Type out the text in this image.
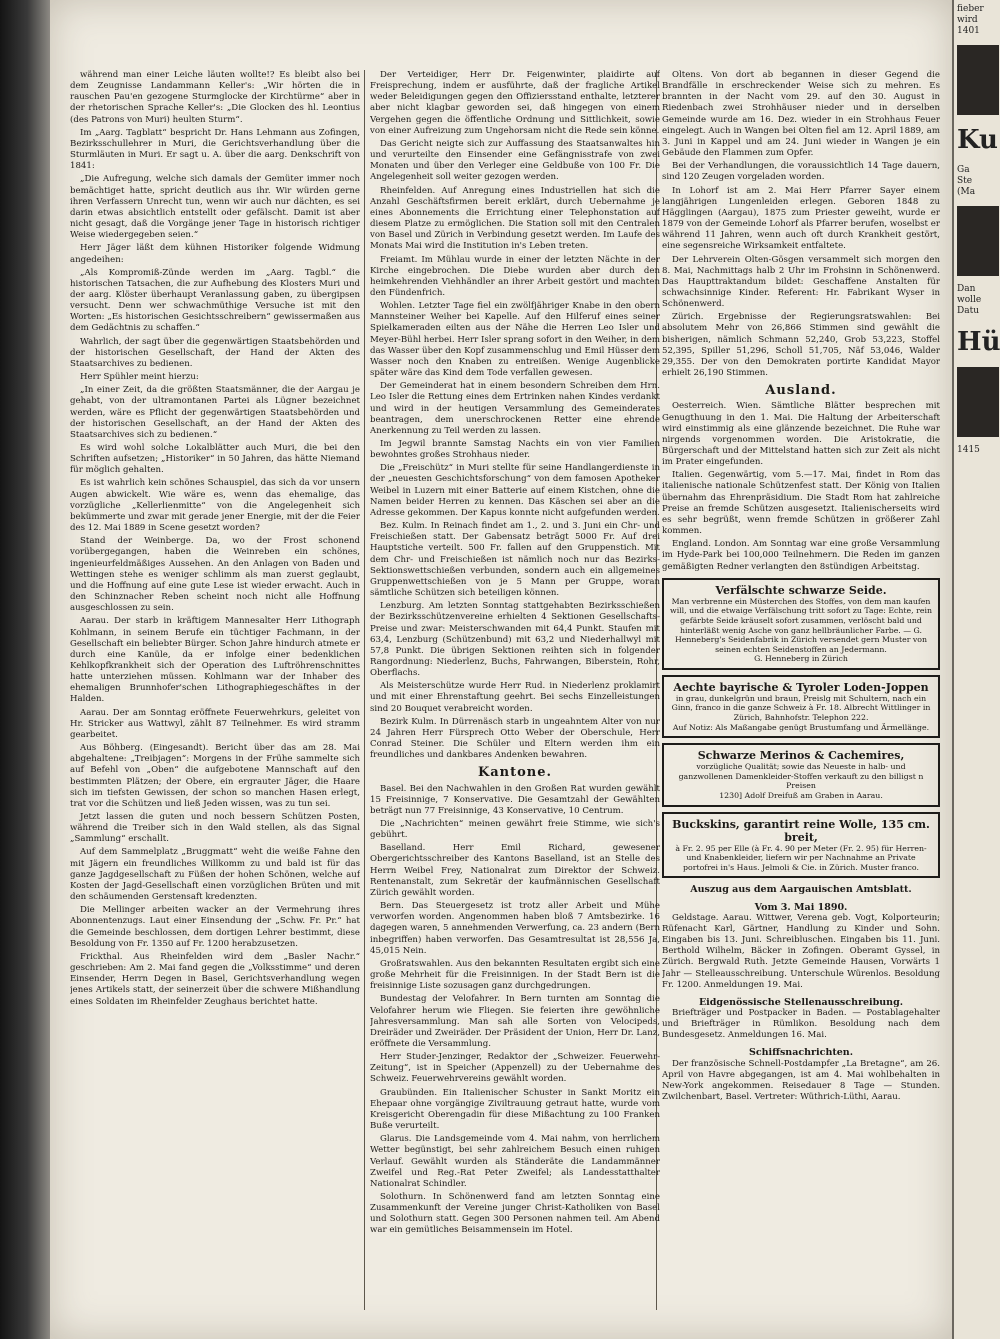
während man einer Leiche läuten wollte!? Es bleibt also bei dem Zeugnisse Landammann Keller's: „Wir hörten die in rauschen Pau'en gezogene Sturmglocke der Kirchtürme“ aber in der rhetorischen Sprache Keller's: „Die Glocken des hl. Leontius (des Patrons von Muri) heulten Sturm“.

Im „Aarg. Tagblatt“ bespricht Dr. Hans Lehmann aus Zofingen, Bezirksschullehrer in Muri, die Gerichtsverhandlung über die Sturmläuten in Muri. Er sagt u. A. über die aarg. Denkschrift von 1841:

„Die Aufregung, welche sich damals der Gemüter immer noch bemächtiget hatte, spricht deutlich aus ihr. Wir würden gerne ihren Verfassern Unrecht tun, wenn wir auch nur dächten, es sei darin etwas absichtlich entstellt oder gefälscht. Damit ist aber nicht gesagt, daß die Vorgänge jener Tage in historisch richtiger Weise wiedergegeben seien.“

Herr Jäger läßt dem kühnen Historiker folgende Widmung angedeihen:

„Als Kompromiß-Zünde werden im „Aarg. Tagbl.“ die historischen Tatsachen, die zur Aufhebung des Klosters Muri und der aarg. Klöster überhaupt Veranlassung gaben, zu übergipsen versucht. Denn wer schwachmüthige Versuche ist mit den Worten: „Es historischen Gesichtsschreibern“ gewissermaßen aus dem Gedächtnis zu schaffen.“

Wahrlich, der sagt über die gegenwärtigen Staatsbehörden und der historischen Gesellschaft, der Hand der Akten des Staatsarchives zu bedienen.

Herr Spühler meint hierzu:

„In einer Zeit, da die größten Staatsmänner, die der Aargau je gehabt, von der ultramontanen Partei als Lügner bezeichnet werden, wäre es Pflicht der gegenwärtigen Staatsbehörden und der historischen Gesellschaft, an der Hand der Akten des Staatsarchives sich zu bedienen.“

Es wird wohl solche Lokalblätter auch Muri, die bei den Schriften aufsetzen; „Historiker“ in 50 Jahren, das hätte Niemand für möglich gehalten.

Es ist wahrlich kein schönes Schauspiel, das sich da vor unsern Augen abwickelt. Wie wäre es, wenn das ehemalige, das vorzügliche „Kellerlienmitte“ von die Angelegenheit sich bekümmerte und zwar mit gerade jener Energie, mit der die Feier des 12. Mai 1889 in Scene gesetzt worden?

Stand der Weinberge. Da, wo der Frost schonend vorübergegangen, haben die Weinreben ein schönes, ingenieurfeldmäßiges Aussehen. An den Anlagen von Baden und Wettingen stehe es weniger schlimm als man zuerst geglaubt, und die Hoffnung auf eine gute Lese ist wieder erwacht. Auch in den Schinznacher Reben scheint noch nicht alle Hoffnung ausgeschlossen zu sein.

Aarau. Der starb in kräftigem Mannesalter Herr Lithograph Kohlmann, in seinem Berufe ein tüchtiger Fachmann, in der Gesellschaft ein beliebter Bürger. Schon Jahre hindurch atmete er durch eine Kanüle, da er infolge einer bedenklichen Kehlkopfkrankheit sich der Operation des Luftröhrenschnittes hatte unterziehen müssen. Kohlmann war der Inhaber des ehemaligen Brunnhofer'schen Lithographiegeschäftes in der Halden.

Aarau. Der am Sonntag eröffnete Feuerwehrkurs, geleitet von Hr. Stricker aus Wattwyl, zählt 87 Teilnehmer. Es wird stramm gearbeitet.

Aus Böhberg. (Eingesandt). Bericht über das am 28. Mai abgehaltene: „Treibjagen“: Morgens in der Frühe sammelte sich auf Befehl von „Oben“ die aufgebotene Mannschaft auf den bestimmten Plätzen; der Obere, ein ergrauter Jäger, die Haare sich im tiefsten Gewissen, der schon so manchen Hasen erlegt, trat vor die Schützen und ließ Jeden wissen, was zu tun sei.

Jetzt lassen die guten und noch bessern Schützen Posten, während die Treiber sich in den Wald stellen, als das Signal „Sammlung“ erschallt.

Auf dem Sammelplatz „Bruggmatt“ weht die weiße Fahne den mit Jägern ein freundliches Willkomm zu und bald ist für das ganze Jagdgesellschaft zu Füßen der hohen Schönen, welche auf Kosten der Jagd-Gesellschaft einen vorzüglichen Brüten und mit den schäumenden Gerstensaft kredenzten.

Die Mellinger arbeiten wacker an der Vermehrung ihres Abonnentenzugs. Laut einer Einsendung der „Schw. Fr. Pr.“ hat die Gemeinde beschlossen, dem dortigen Lehrer bestimmt, diese Besoldung von Fr. 1350 auf Fr. 1200 herabzusetzen.

Frickthal. Aus Rheinfelden wird dem „Basler Nachr.“ geschrieben: Am 2. Mai fand gegen die „Volksstimme“ und deren Einsender, Herrn Degen in Basel, Gerichtsverhandlung wegen jenes Artikels statt, der seinerzeit über die schwere Mißhandlung eines Soldaten im Rheinfelder Zeughaus berichtet hatte.

Der Verteidiger, Herr Dr. Feigenwinter, plaidirte auf Freisprechung, indem er ausführte, daß der fragliche Artikel weder Beleidigungen gegen den Offiziersstand enthalte, letzterer aber nicht klagbar geworden sei, daß hingegen von einem Vergehen gegen die öffentliche Ordnung und Sittlichkeit, sowie von einer Aufreizung zum Ungehorsam nicht die Rede sein könne.

Das Gericht neigte sich zur Auffassung des Staatsanwaltes hin und verurteilte den Einsender eine Gefängnisstrafe von zwei Monaten und über den Verleger eine Geldbuße von 100 Fr. Die Angelegenheit soll weiter gezogen werden.

Rheinfelden. Auf Anregung eines Industriellen hat sich die Anzahl Geschäftsfirmen bereit erklärt, durch Uebernahme je eines Abonnements die Errichtung einer Telephonstation auf diesem Platze zu ermöglichen. Die Station soll mit den Centralen von Basel und Zürich in Verbindung gesetzt werden. Im Laufe des Monats Mai wird die Institution in's Leben treten.

Freiamt. Im Mühlau wurde in einer der letzten Nächte in der Kirche eingebrochen. Die Diebe wurden aber durch den heimkehrenden Viehhändler an ihrer Arbeit gestört und machten den Fündenfrich.

Wohlen. Letzter Tage fiel ein zwölfjähriger Knabe in den obern Mannsteiner Weiher bei Kapelle. Auf den Hilferuf eines seiner Spielkameraden eilten aus der Nähe die Herren Leo Isler und Meyer-Bühl herbei. Herr Isler sprang sofort in den Weiher, in dem das Wasser über den Kopf zusammenschlug und Emil Hüsser dem Wasser noch den Knaben zu entreißen. Wenige Augenblicke später wäre das Kind dem Tode verfallen gewesen.

Der Gemeinderat hat in einem besondern Schreiben dem Hrn. Leo Isler die Rettung eines dem Ertrinken nahen Kindes verdankt und wird in der heutigen Versammlung des Gemeinderates beantragen, dem unerschrockenen Retter eine ehrende Anerkennung zu Teil werden zu lassen.

Im Jegwil brannte Samstag Nachts ein von vier Familien bewohntes großes Strohhaus nieder.

Die „Freischütz“ in Muri stellte für seine Handlangerdienste in der „neuesten Geschichtsforschung“ von dem famosen Apotheker Weibel in Luzern mit einer Batterie auf einem Kistchen, ohne die Namen beider Herren zu kennen. Das Käschen sei aber an die Adresse gekommen. Der Kapus konnte nicht aufgefunden werden.

Bez. Kulm. In Reinach findet am 1., 2. und 3. Juni ein Chr- und Freischießen statt. Der Gabensatz beträgt 5000 Fr. Auf drei Hauptstiche verteilt. 500 Fr. fallen auf den Gruppenstich. Mit dem Chr- und Freischießen ist nämlich noch nur das Bezirks-Sektionswettschießen verbunden, sondern auch ein allgemeines Gruppenwettschießen von je 5 Mann per Gruppe, woran sämtliche Schützen sich beteiligen können.

Lenzburg. Am letzten Sonntag stattgehabten Bezirksschießen der Bezirksschützenvereine erhielten 4 Sektionen Gesellschafts-Preise und zwar: Meisterschwanden mit 64,4 Punkt. Staufen mit 63,4, Lenzburg (Schützenbund) mit 63,2 und Niederhallwyl mit 57,8 Punkt. Die übrigen Sektionen reihten sich in folgender Rangordnung: Niederlenz, Buchs, Fahrwangen, Biberstein, Rohr, Oberflachs.

Als Meisterschütze wurde Herr Rud. in Niederlenz proklamirt und mit einer Ehrenstaftung geehrt. Bei sechs Einzelleistungen sind 20 Bouquet verabreicht worden.

Bezirk Kulm. In Dürrenäsch starb in ungeahntem Alter von nur 24 Jahren Herr Fürsprech Otto Weber der Oberschule, Herr Conrad Steiner. Die Schüler und Eltern werden ihm ein freundliches und dankbares Andenken bewahren.

Kantone.

Basel. Bei den Nachwahlen in den Großen Rat wurden gewählt 15 Freisinnige, 7 Konservative. Die Gesamtzahl der Gewählten beträgt nun 77 Freisinnige, 43 Konservative, 10 Centrum.

Die „Nachrichten“ meinen gewährt freie Stimme, wie sich's gebührt.

Baselland. Herr Emil Richard, gewesener Obergerichtsschreiber des Kantons Baselland, ist an Stelle des Herrn Weibel Frey, Nationalrat zum Direktor der Schweiz. Rentenanstalt, zum Sekretär der kaufmännischen Gesellschaft Zürich gewählt worden.

Bern. Das Steuergesetz ist trotz aller Arbeit und Mühe verworfen worden. Angenommen haben bloß 7 Amtsbezirke. 16 dagegen waren, 5 annehmenden Verwerfung, ca. 23 andern (Bern inbegriffen) haben verworfen. Das Gesamtresultat ist 28,556 Ja, 45,015 Nein.

Großratswahlen. Aus den bekannten Resultaten ergibt sich eine große Mehrheit für die Freisinnigen. In der Stadt Bern ist die freisinnige Liste sozusagen ganz durchgedrungen.

Bundestag der Velofahrer. In Bern turnten am Sonntag die Velofahrer herum wie Fliegen. Sie feierten ihre gewöhnliche Jahresversammlung. Man sah alle Sorten von Velocipeds, Dreiräder und Zweiräder. Der Präsident der Union, Herr Dr. Lanz, eröffnete die Versammlung.

Herr Studer-Jenzinger, Redaktor der „Schweizer. Feuerwehr-Zeitung“, ist in Speicher (Appenzell) zu der Uebernahme des Schweiz. Feuerwehrvereins gewählt worden.

Graubünden. Ein Italienischer Schuster in Sankt Moritz ein Ehepaar ohne vorgängige Ziviltrauung getraut hatte, wurde vom Kreisgericht Oberengadin für diese Mißachtung zu 100 Franken Buße verurteilt.

Glarus. Die Landsgemeinde vom 4. Mai nahm, von herrlichem Wetter begünstigt, bei sehr zahlreichem Besuch einen ruhigen Verlauf. Gewählt wurden als Ständeräte die Landammänner Zweifel und Reg.-Rat Peter Zweifel; als Landesstatthalter Nationalrat Schindler.

Solothurn. In Schönenwerd fand am letzten Sonntag eine Zusammenkunft der Vereine junger Christ-Katholiken von Basel und Solothurn statt. Gegen 300 Personen nahmen teil. Am Abend war ein gemütliches Beisammensein im Hotel.

Oltens. Von dort ab begannen in dieser Gegend die Brandfälle in erschreckender Weise sich zu mehren. Es brannten in der Nacht vom 29. auf den 30. August in Riedenbach zwei Strohhäuser nieder und in derselben Gemeinde wurde am 16. Dez. wieder in ein Strohhaus Feuer eingelegt. Auch in Wangen bei Olten fiel am 12. April 1889, am 3. Juni in Kappel und am 24. Juni wieder in Wangen je ein Gebäude den Flammen zum Opfer.

Bei der Verhandlungen, die voraussichtlich 14 Tage dauern, sind 120 Zeugen vorgeladen worden.

In Lohorf ist am 2. Mai Herr Pfarrer Sayer einem langjährigen Lungenleiden erlegen. Geboren 1848 zu Hägglingen (Aargau), 1875 zum Priester geweiht, wurde er 1879 von der Gemeinde Lohorf als Pfarrer berufen, woselbst er während 11 Jahren, wenn auch oft durch Krankheit gestört, eine segensreiche Wirksamkeit entfaltete.

Der Lehrverein Olten-Gösgen versammelt sich morgen den 8. Mai, Nachmittags halb 2 Uhr im Frohsinn in Schönenwerd. Das Haupttraktandum bildet: Geschaffene Anstalten für schwachsinnige Kinder. Referent: Hr. Fabrikant Wyser in Schönenwerd.

Zürich. Ergebnisse der Regierungsratswahlen: Bei absolutem Mehr von 26,866 Stimmen sind gewählt die bisherigen, nämlich Schmann 52,240, Grob 53,223, Stoffel 52,395, Spiller 51,296, Scholl 51,705, Näf 53,046, Walder 29,355. Der von den Demokraten portirte Kandidat Mayor erhielt 26,190 Stimmen.

Ausland.

Oesterreich. Wien. Sämtliche Blätter besprechen mit Genugthuung in den 1. Mai. Die Haltung der Arbeiterschaft wird einstimmig als eine glänzende bezeichnet. Die Ruhe war nirgends vorgenommen worden. Die Aristokratie, die Bürgerschaft und der Mittelstand hatten sich zur Zeit als nicht im Prater eingefunden.

Italien. Gegenwärtig, vom 5.—17. Mai, findet in Rom das italienische nationale Schützenfest statt. Der König von Italien übernahm das Ehrenpräsidium. Die Stadt Rom hat zahlreiche Preise an fremde Schützen ausgesetzt. Italienischerseits wird es sehr begrüßt, wenn fremde Schützen in größerer Zahl kommen.

England. London. Am Sonntag war eine große Versammlung im Hyde-Park bei 100,000 Teilnehmern. Die Reden im ganzen gemäßigten Redner verlangten den 8stündigen Arbeitstag.

Verfälschte schwarze Seide.
Man verbrenne ein Müsterchen des Stoffes, von dem man kaufen will, und die etwaige Verfälschung tritt sofort zu Tage: Echte, rein gefärbte Seide kräuselt sofort zusammen, verlöscht bald und hinterläßt wenig Asche von ganz hellbräunlicher Farbe. — G. Henneberg's Seidenfabrik in Zürich versendet gern Muster von seinen echten Seidenstoffen an Jedermann.
G. Henneberg in Zürich
Aechte bayrische & Tyroler Loden-Joppen
in grau, dunkelgrün und braun, Preislg mit Schultern, nach ein Ginn, franco in die ganze Schweiz à Fr. 18. Albrecht Wittlinger in Zürich, Bahnhofstr. Telephon 222.
Auf Notiz: Als Maßangabe genügt Brustumfang und Ärmellänge.
Schwarze Merinos & Cachemires,
vorzügliche Qualität; sowie das Neueste in halb- und ganzwollenen Damenkleider-Stoffen verkauft zu den billigst n Preisen
1230] Adolf Dreifuß am Graben in Aarau.
Buckskins, garantirt reine Wolle, 135 cm. breit,
à Fr. 2. 95 per Elle (à Fr. 4. 90 per Meter (Fr. 2. 95) für Herren- und Knabenkleider, liefern wir per Nachnahme an Private portofrei in's Haus. Jelmoli & Cie. in Zürich. Muster franco.
Auszug aus dem Aargauischen Amtsblatt.
Vom 3. Mai 1890.

Geldstage. Aarau. Wittwer, Verena geb. Vogt, Kolporteurin; Rüfenacht Karl, Gärtner, Handlung zu Kinder und Sohn. Eingaben bis 13. Juni. Schreibluschen. Eingaben bis 11. Juni. Berthold Wilhelm, Bäcker in Zofingen. Oberamt Gyssel, in Zürich. Bergwald Ruth. Jetzte Gemeinde Hausen, Vorwärts 1 Jahr — Stelleausschreibung. Unterschule Würenlos. Besoldung Fr. 1200. Anmeldungen 19. Mai.

Eidgenössische Stellenausschreibung.

Briefträger und Postpacker in Baden. — Postablagehalter und Briefträger in Rümlikon. Besoldung nach dem Bundesgesetz. Anmeldungen 16. Mai.

Schiffsnachrichten.

Der französische Schnell-Postdampfer „La Bretagne“, am 26. April von Havre abgegangen, ist am 4. Mai wohlbehalten in New-York angekommen. Reisedauer 8 Tage — Stunden. Zwilchenbart, Basel. Vertreter: Wüthrich-Lüthi, Aarau.

fieber
wird
1401
Ku
Ga
Ste
(Ma
Dan
wolle
Datu
Hü
1415
